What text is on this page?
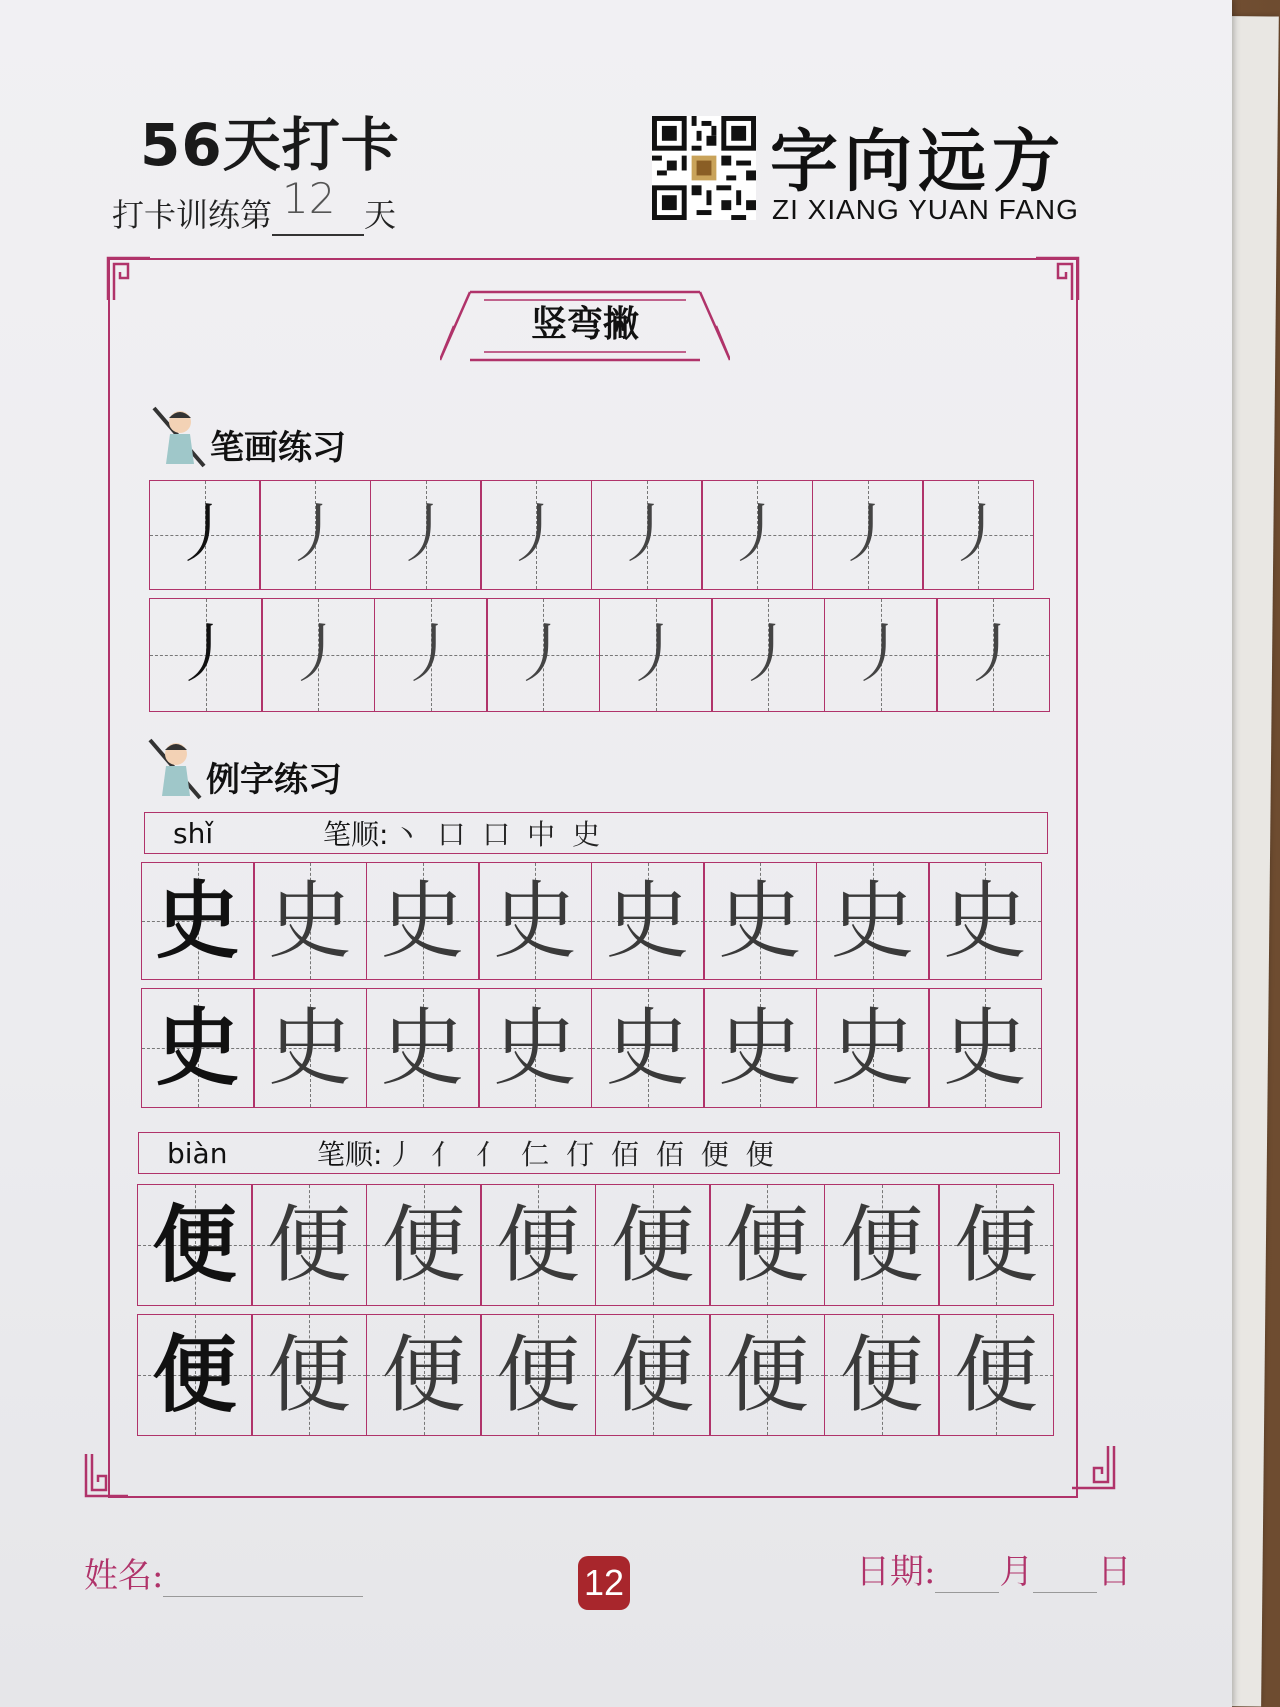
56天打卡
打卡训练第 12 天
字向远方
ZI XIANG YUAN FANG
竖弯撇
笔画练习
丿 丿 丿 丿 丿 丿 丿 丿
丿 丿 丿 丿 丿 丿 丿 丿
例字练习
shǐ	笔顺: 丶 口 口 中 史
史 史 史 史 史 史 史 史
史 史 史 史 史 史 史 史
biàn	笔顺: 丿 亻 亻 仁 仃 佰 佰 便 便
便 便 便 便 便 便 便 便
便 便 便 便 便 便 便 便
姓名:	12	日期: 月 日
